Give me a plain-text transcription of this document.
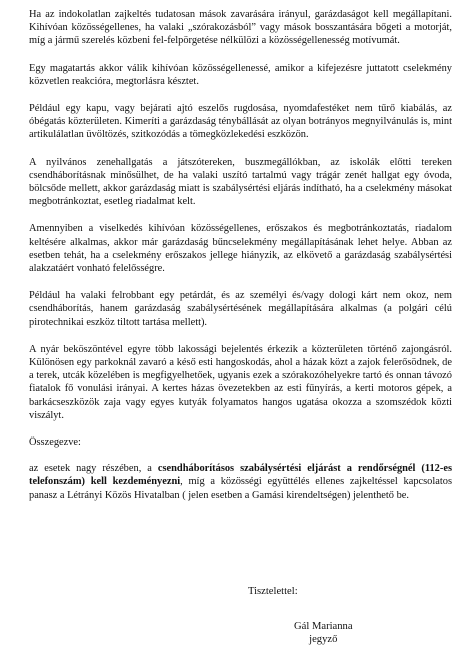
Ha az indokolatlan zajkeltés tudatosan mások zavarására irányul, garázdaságot kell megállapítani. Kihívóan közösségellenes, ha valaki „szórakozásból” vagy mások bosszantására bőgeti a motorját, míg a jármű szerelés közbeni fel-felpörgetése nélkülözi a közösségellenesség motívumát.

Egy magatartás akkor válik kihívóan közösségellenessé, amikor a kifejezésre juttatott cselekmény közvetlen reakcióra, megtorlásra késztet.

Például egy kapu, vagy bejárati ajtó eszelős rugdosása, nyomdafestéket nem tűrő kiabálás, az óbégatás közterületen. Kimeríti a garázdaság ténybállását az olyan botrányos megnyilvánulás is, mint artikulálatlan üvöltözés, szitkozódás a tömegközlekedési eszközön.

A nyilvános zenehallgatás a játszótereken, buszmegállókban, az iskolák előtti tereken csendháborításnak minősülhet, de ha valaki uszító tartalmú vagy trágár zenét hallgat egy óvoda, bölcsőde mellett, akkor garázdaság miatt is szabálysértési eljárás indítható, ha a cselekmény másokat megbotránkoztat, esetleg riadalmat kelt.

Amennyiben a viselkedés kihívóan közösségellenes, erőszakos és megbotránkoztatás, riadalom keltésére alkalmas, akkor már garázdaság bűncselekmény megállapításának lehet helye. Abban az esetben tehát, ha a cselekmény erőszakos jellege hiányzik, az elkövető a garázdaság szabálysértési alakzatáért vonható felelősségre.

Például ha valaki felrobbant egy petárdát, és az személyi és/vagy dologi kárt nem okoz, nem csendháborítás, hanem garázdaság szabálysértésének megállapítására alkalmas (a polgári célú pirotechnikai eszköz tiltott tartása mellett).

A nyár beköszöntével egyre több lakossági bejelentés érkezik a közterületen történő zajongásról. Különösen egy parkoknál zavaró a késő esti hangoskodás, ahol a házak közt a zajok felerősödnek, de a terek, utcák közelében is megfigyelhetőek, ugyanis ezek a szórakozóhelyekre tartó és onnan távozó fiatalok fő vonulási irányai. A kertes házas övezetekben az esti fűnyírás, a kerti motoros gépek, a barkácseszközök zaja vagy egyes kutyák folyamatos hangos ugatása okozza a szomszédok közti viszályt.

Összegezve:

az esetek nagy részében, a csendháborításos szabálysértési eljárást a rendőrségnél (112-es telefonszám) kell kezdeményezni, míg a közösségi együttélés ellenes zajkeltéssel kapcsolatos panasz a Létrányi Közös Hivatalban ( jelen esetben a Gamási kirendeltségen) jelenthető be.

Tisztelettel:
Gál Marianna
jegyző
